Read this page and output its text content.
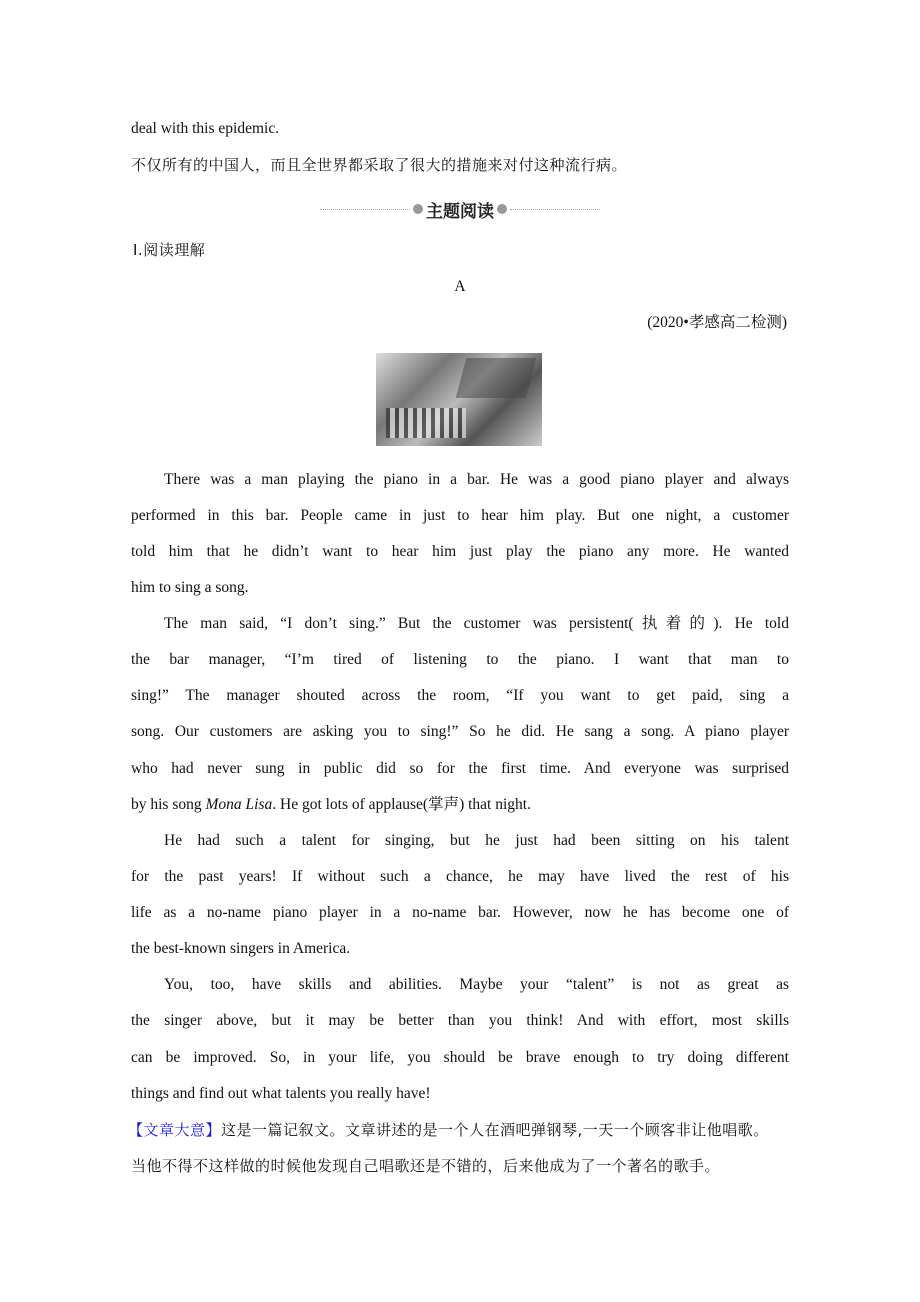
deal with this epidemic.
不仅所有的中国人，而且全世界都采取了很大的措施来对付这种流行病。
主题阅读
Ⅰ.阅读理解
A
(2020•孝感高二检测)
There was a man playing the piano in a bar. He was a good piano player and always
performed in this bar. People came in just to hear him play. But one night, a customer
told him that he didn’t want to hear him just play the piano any more. He wanted
him to sing a song.
The man said, “I don’t sing.” But the customer was persistent(执着的). He told
the bar manager, “I’m tired of listening to the piano. I want that man to
sing!” The manager shouted across the room, “If you want to get paid, sing a
song. Our customers are asking you to sing!” So he did. He sang a song. A piano player
who had never sung in public did so for the first time. And everyone was surprised
by his song Mona Lisa. He got lots of applause(掌声) that night.
He had such a talent for singing, but he just had been sitting on his talent
for the past years! If without such a chance, he may have lived the rest of his
life as a no-name piano player in a no-name bar. However, now he has become one of
the best-known singers in America.
You, too, have skills and abilities. Maybe your “talent” is not as great as
the singer above, but it may be better than you think! And with effort, most skills
can be improved. So, in your life, you should be brave enough to try doing different
things and find out what talents you really have!
【文章大意】这是一篇记叙文。文章讲述的是一个人在酒吧弹钢琴,一天一个顾客非让他唱歌。
当他不得不这样做的时候他发现自己唱歌还是不错的，后来他成为了一个著名的歌手。
